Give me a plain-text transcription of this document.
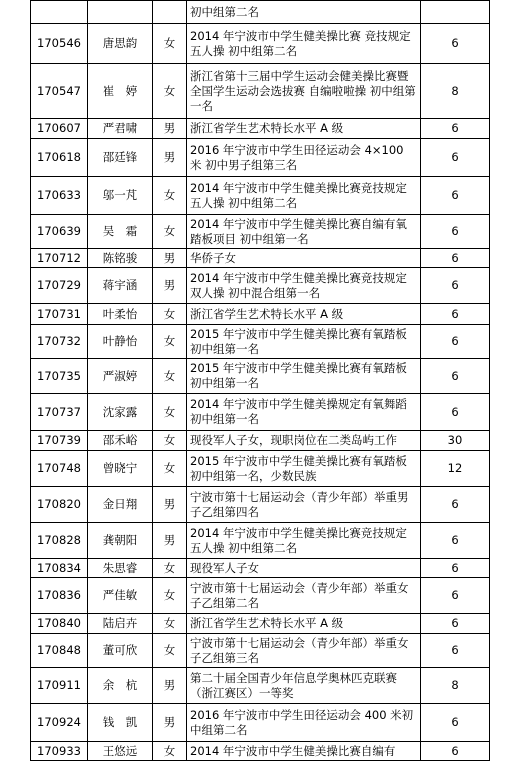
			初中组第二名	
170546	唐思韵	女	2014 年宁波市中学生健美操比赛 竞技规定五人操 初中组第二名	6
170547	崔　婷	女	浙江省第十三届中学生运动会健美操比赛暨全国学生运动会选拔赛 自编啦啦操 初中组第一名	8
170607	严君啸	男	浙江省学生艺术特长水平 A 级	6
170618	邵廷锋	男	2016 年宁波市中学生田径运动会 4×100 米 初中男子组第三名	6
170633	邬一芃	女	2014 年宁波市中学生健美操比赛竞技规定五人操 初中组第二名	6
170639	吴　霜	女	2014 年宁波市中学生健美操比赛自编有氧踏板项目 初中组第一名	6
170712	陈铭骏	男	华侨子女	6
170729	蒋宇涵	男	2014 年宁波市中学生健美操比赛竞技规定双人操 初中混合组第一名	6
170731	叶柔怡	女	浙江省学生艺术特长水平 A 级	6
170732	叶静怡	女	2015 年宁波市中学生健美操比赛有氧踏板 初中组第一名	6
170735	严淑婷	女	2015 年宁波市中学生健美操比赛有氧踏板 初中组第一名	6
170737	沈家露	女	2014 年宁波市中学生健美操规定有氧舞蹈 初中组第一名	6
170739	邵禾峪	女	现役军人子女，现职岗位在二类岛屿工作	30
170748	曾晓宁	女	2015 年宁波市中学生健美操比赛有氧踏板 初中组第一名，少数民族	12
170820	金日翔	男	宁波市第十七届运动会（青少年部）举重男子乙组第四名	6
170828	龚朝阳	男	2014 年宁波市中学生健美操比赛竞技规定五人操 初中组第二名	6
170834	朱思睿	女	现役军人子女	6
170836	严佳敏	女	宁波市第十七届运动会（青少年部）举重女子乙组第二名	6
170840	陆启卉	女	浙江省学生艺术特长水平 A 级	6
170848	董可欣	女	宁波市第十七届运动会（青少年部）举重女子乙组第三名	6
170911	余　杭	男	第二十届全国青少年信息学奥林匹克联赛（浙江赛区）一等奖	8
170924	钱　凯	男	2016 年宁波市中学生田径运动会 400 米初中组第二名	6
170933	王悠远	女	2014 年宁波市中学生健美操比赛自编有	6
